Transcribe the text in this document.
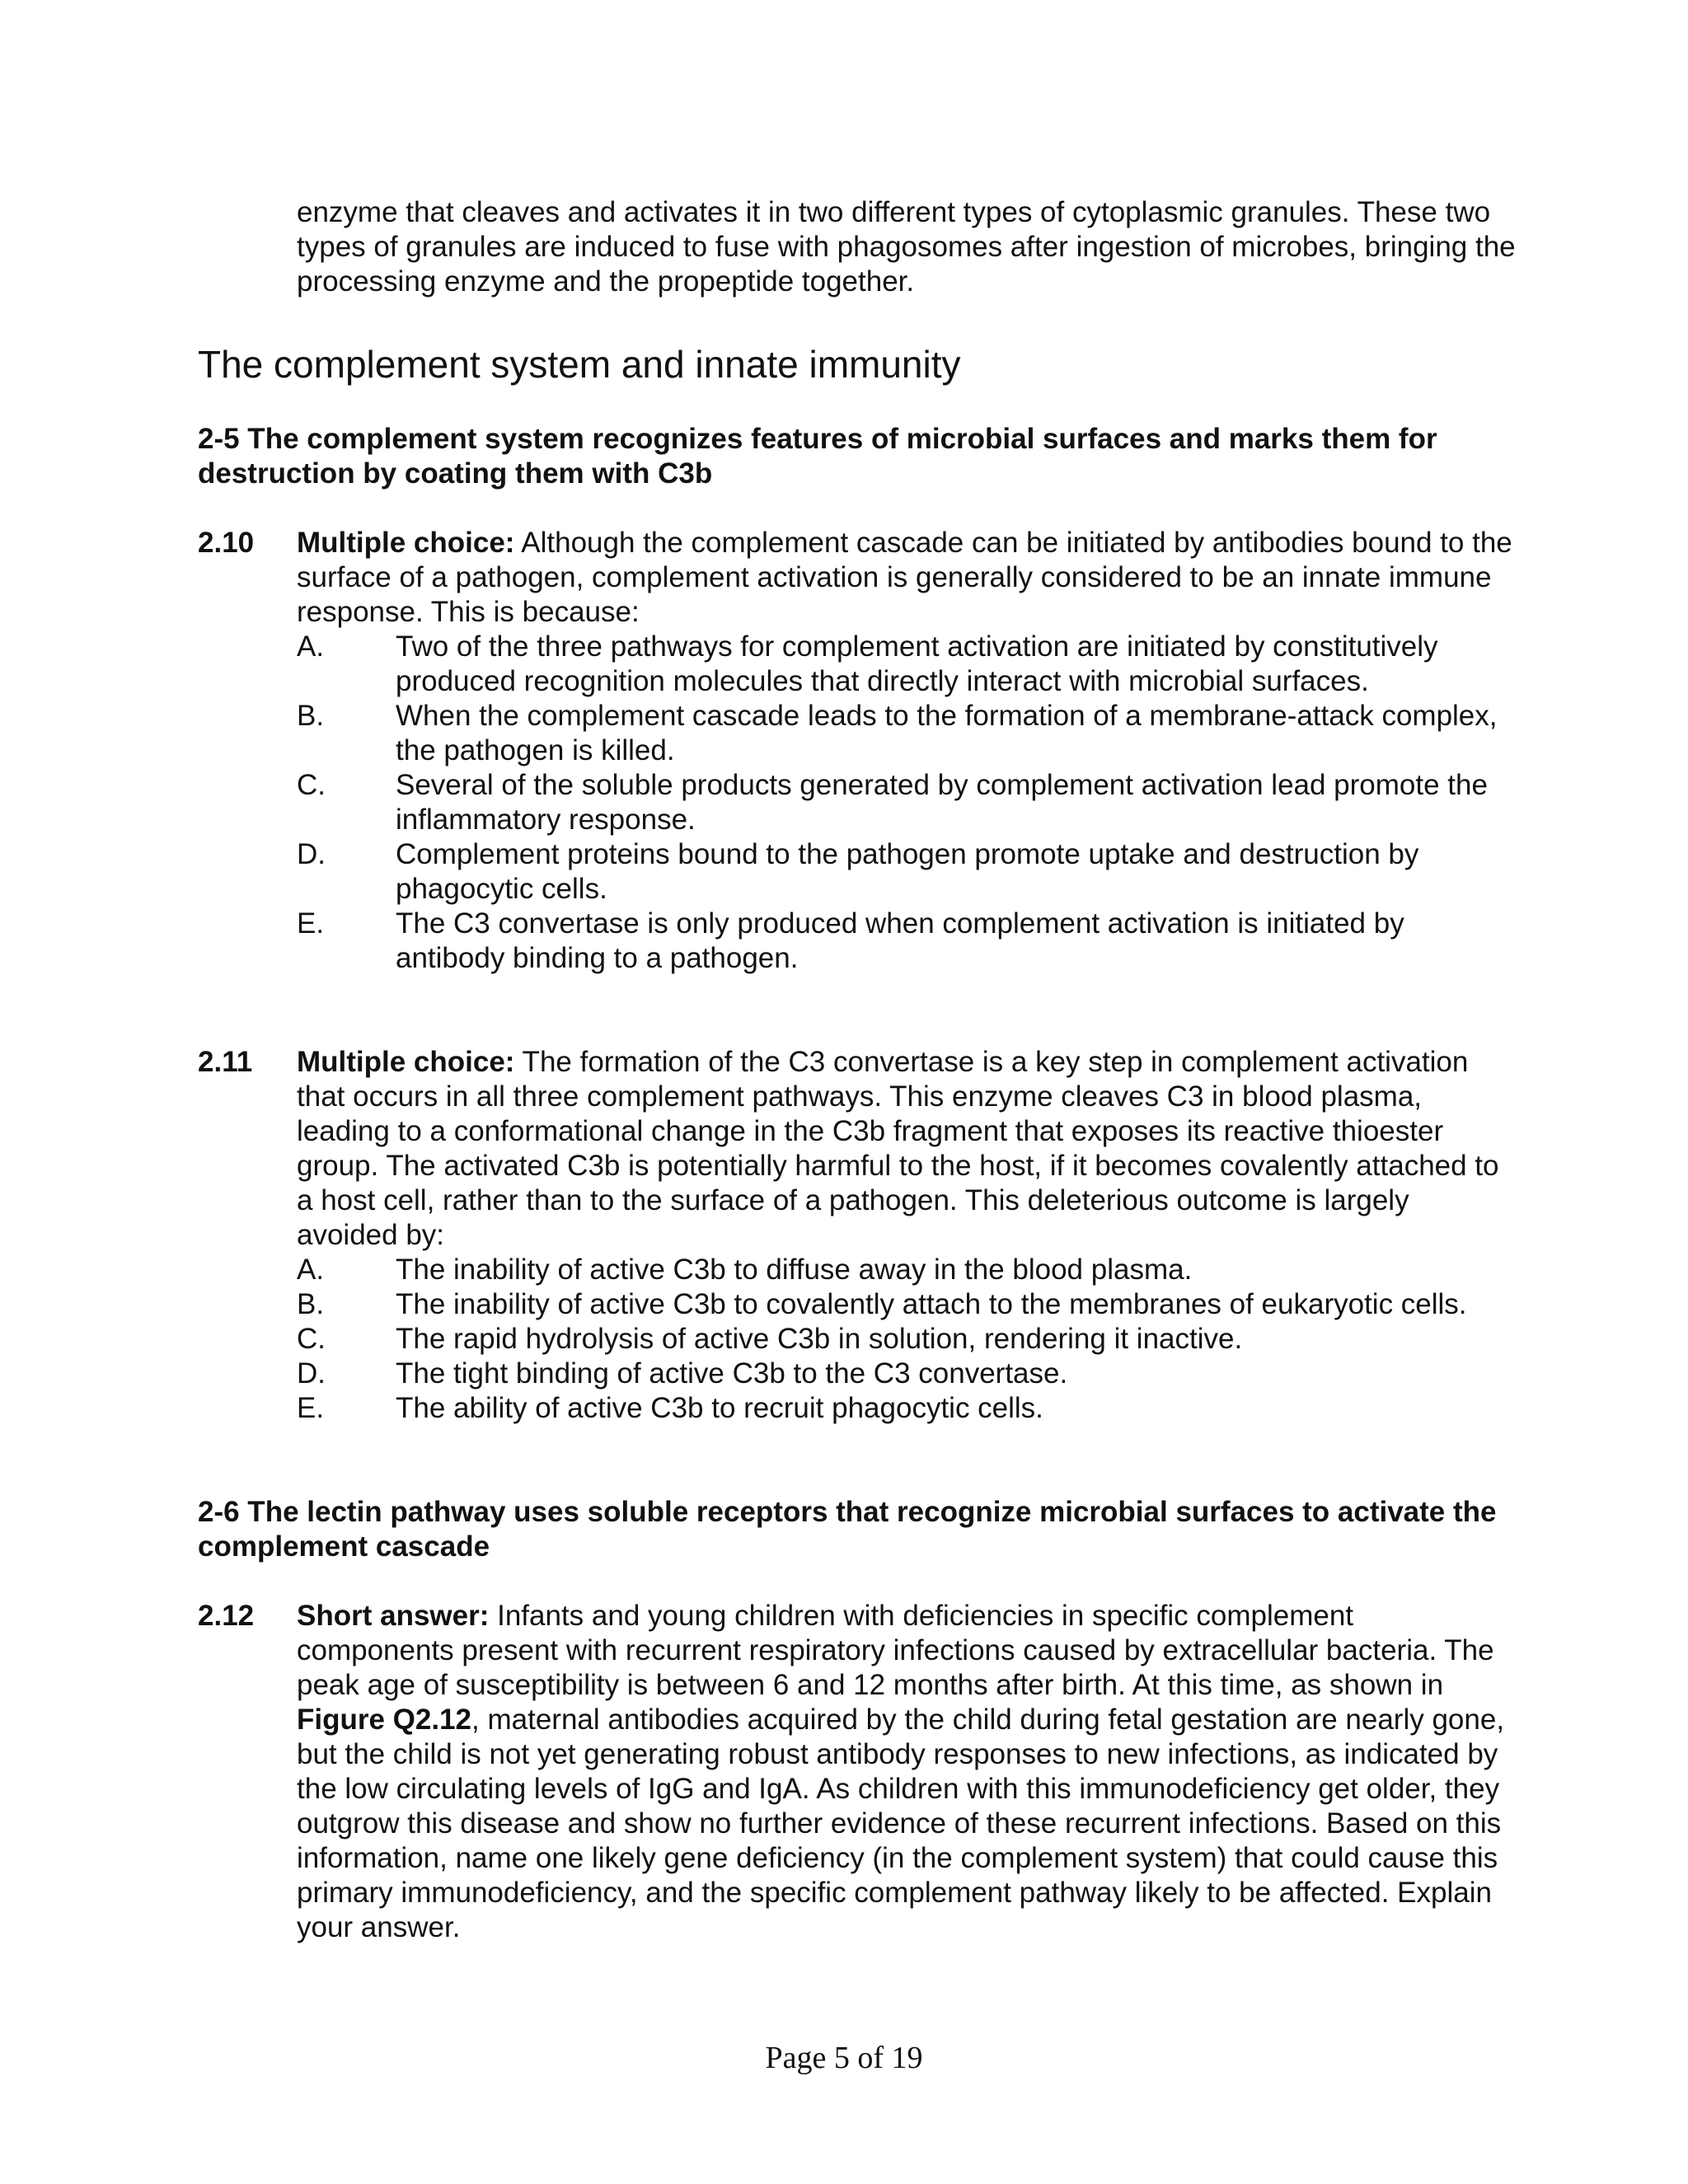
enzyme that cleaves and activates it in two different types of cytoplasmic granules. These two types of granules are induced to fuse with phagosomes after ingestion of microbes, bringing the processing enzyme and the propeptide together.

The complement system and innate immunity

2-5 The complement system recognizes features of microbial surfaces and marks them for destruction by coating them with C3b

2.10	Multiple choice: Although the complement cascade can be initiated by antibodies bound to the surface of a pathogen, complement activation is generally considered to be an innate immune response. This is because:
A.	Two of the three pathways for complement activation are initiated by constitutively produced recognition molecules that directly interact with microbial surfaces.
B.	When the complement cascade leads to the formation of a membrane-attack complex, the pathogen is killed.
C.	Several of the soluble products generated by complement activation lead promote the inflammatory response.
D.	Complement proteins bound to the pathogen promote uptake and destruction by phagocytic cells.
E.	The C3 convertase is only produced when complement activation is initiated by antibody binding to a pathogen.
2.11	Multiple choice: The formation of the C3 convertase is a key step in complement activation that occurs in all three complement pathways. This enzyme cleaves C3 in blood plasma, leading to a conformational change in the C3b fragment that exposes its reactive thioester group. The activated C3b is potentially harmful to the host, if it becomes covalently attached to a host cell, rather than to the surface of a pathogen. This deleterious outcome is largely avoided by:
A.	The inability of active C3b to diffuse away in the blood plasma.
B.	The inability of active C3b to covalently attach to the membranes of eukaryotic cells.
C.	The rapid hydrolysis of active C3b in solution, rendering it inactive.
D.	The tight binding of active C3b to the C3 convertase.
E.	The ability of active C3b to recruit phagocytic cells.

2-6 The lectin pathway uses soluble receptors that recognize microbial surfaces to activate the complement cascade

2.12	Short answer: Infants and young children with deficiencies in specific complement components present with recurrent respiratory infections caused by extracellular bacteria. The peak age of susceptibility is between 6 and 12 months after birth. At this time, as shown in Figure Q2.12, maternal antibodies acquired by the child during fetal gestation are nearly gone, but the child is not yet generating robust antibody responses to new infections, as indicated by the low circulating levels of IgG and IgA. As children with this immunodeficiency get older, they outgrow this disease and show no further evidence of these recurrent infections. Based on this information, name one likely gene deficiency (in the complement system) that could cause this primary immunodeficiency, and the specific complement pathway likely to be affected. Explain your answer.
Page 5 of 19
